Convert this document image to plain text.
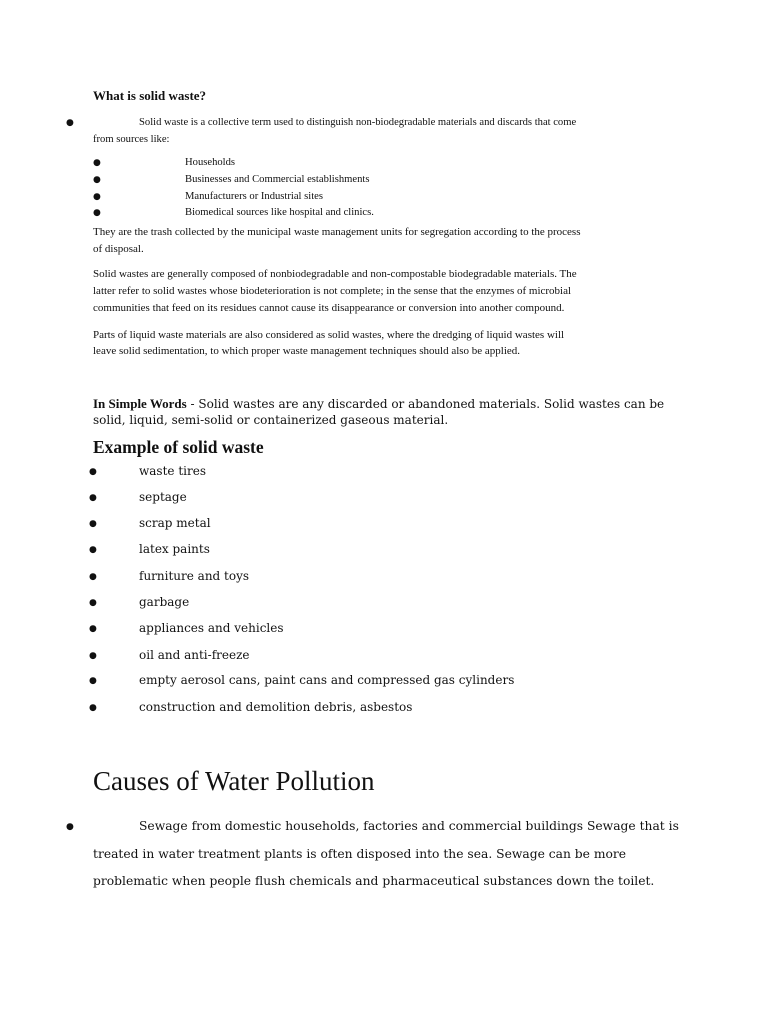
What is solid waste?
●	Solid waste is a collective term used to distinguish non-biodegradable materials and discards that come
from sources like:
●	Households
●	Businesses and Commercial establishments
●	Manufacturers or Industrial sites
●	Biomedical sources like hospital and clinics.
They are the trash collected by the municipal waste management units for segregation according to the process
of disposal.
Solid wastes are generally composed of nonbiodegradable and non-compostable biodegradable materials. The
latter refer to solid wastes whose biodeterioration is not complete; in the sense that the enzymes of microbial
communities that feed on its residues cannot cause its disappearance or conversion into another compound.
Parts of liquid waste materials are also considered as solid wastes, where the dredging of liquid wastes will
leave solid sedimentation, to which proper waste management techniques should also be applied.
In Simple Words - Solid wastes are any discarded or abandoned materials. Solid wastes can be
solid, liquid, semi-solid or containerized gaseous material.
Example of solid waste
●	waste tires
●	septage
●	scrap metal
●	latex paints
●	furniture and toys
●	garbage
●	appliances and vehicles
●	oil and anti-freeze
●	empty aerosol cans, paint cans and compressed gas cylinders
●	construction and demolition debris, asbestos
Causes of Water Pollution
●	Sewage from domestic households, factories and commercial buildings Sewage that is
treated in water treatment plants is often disposed into the sea. Sewage can be more
problematic when people flush chemicals and pharmaceutical substances down the toilet.
